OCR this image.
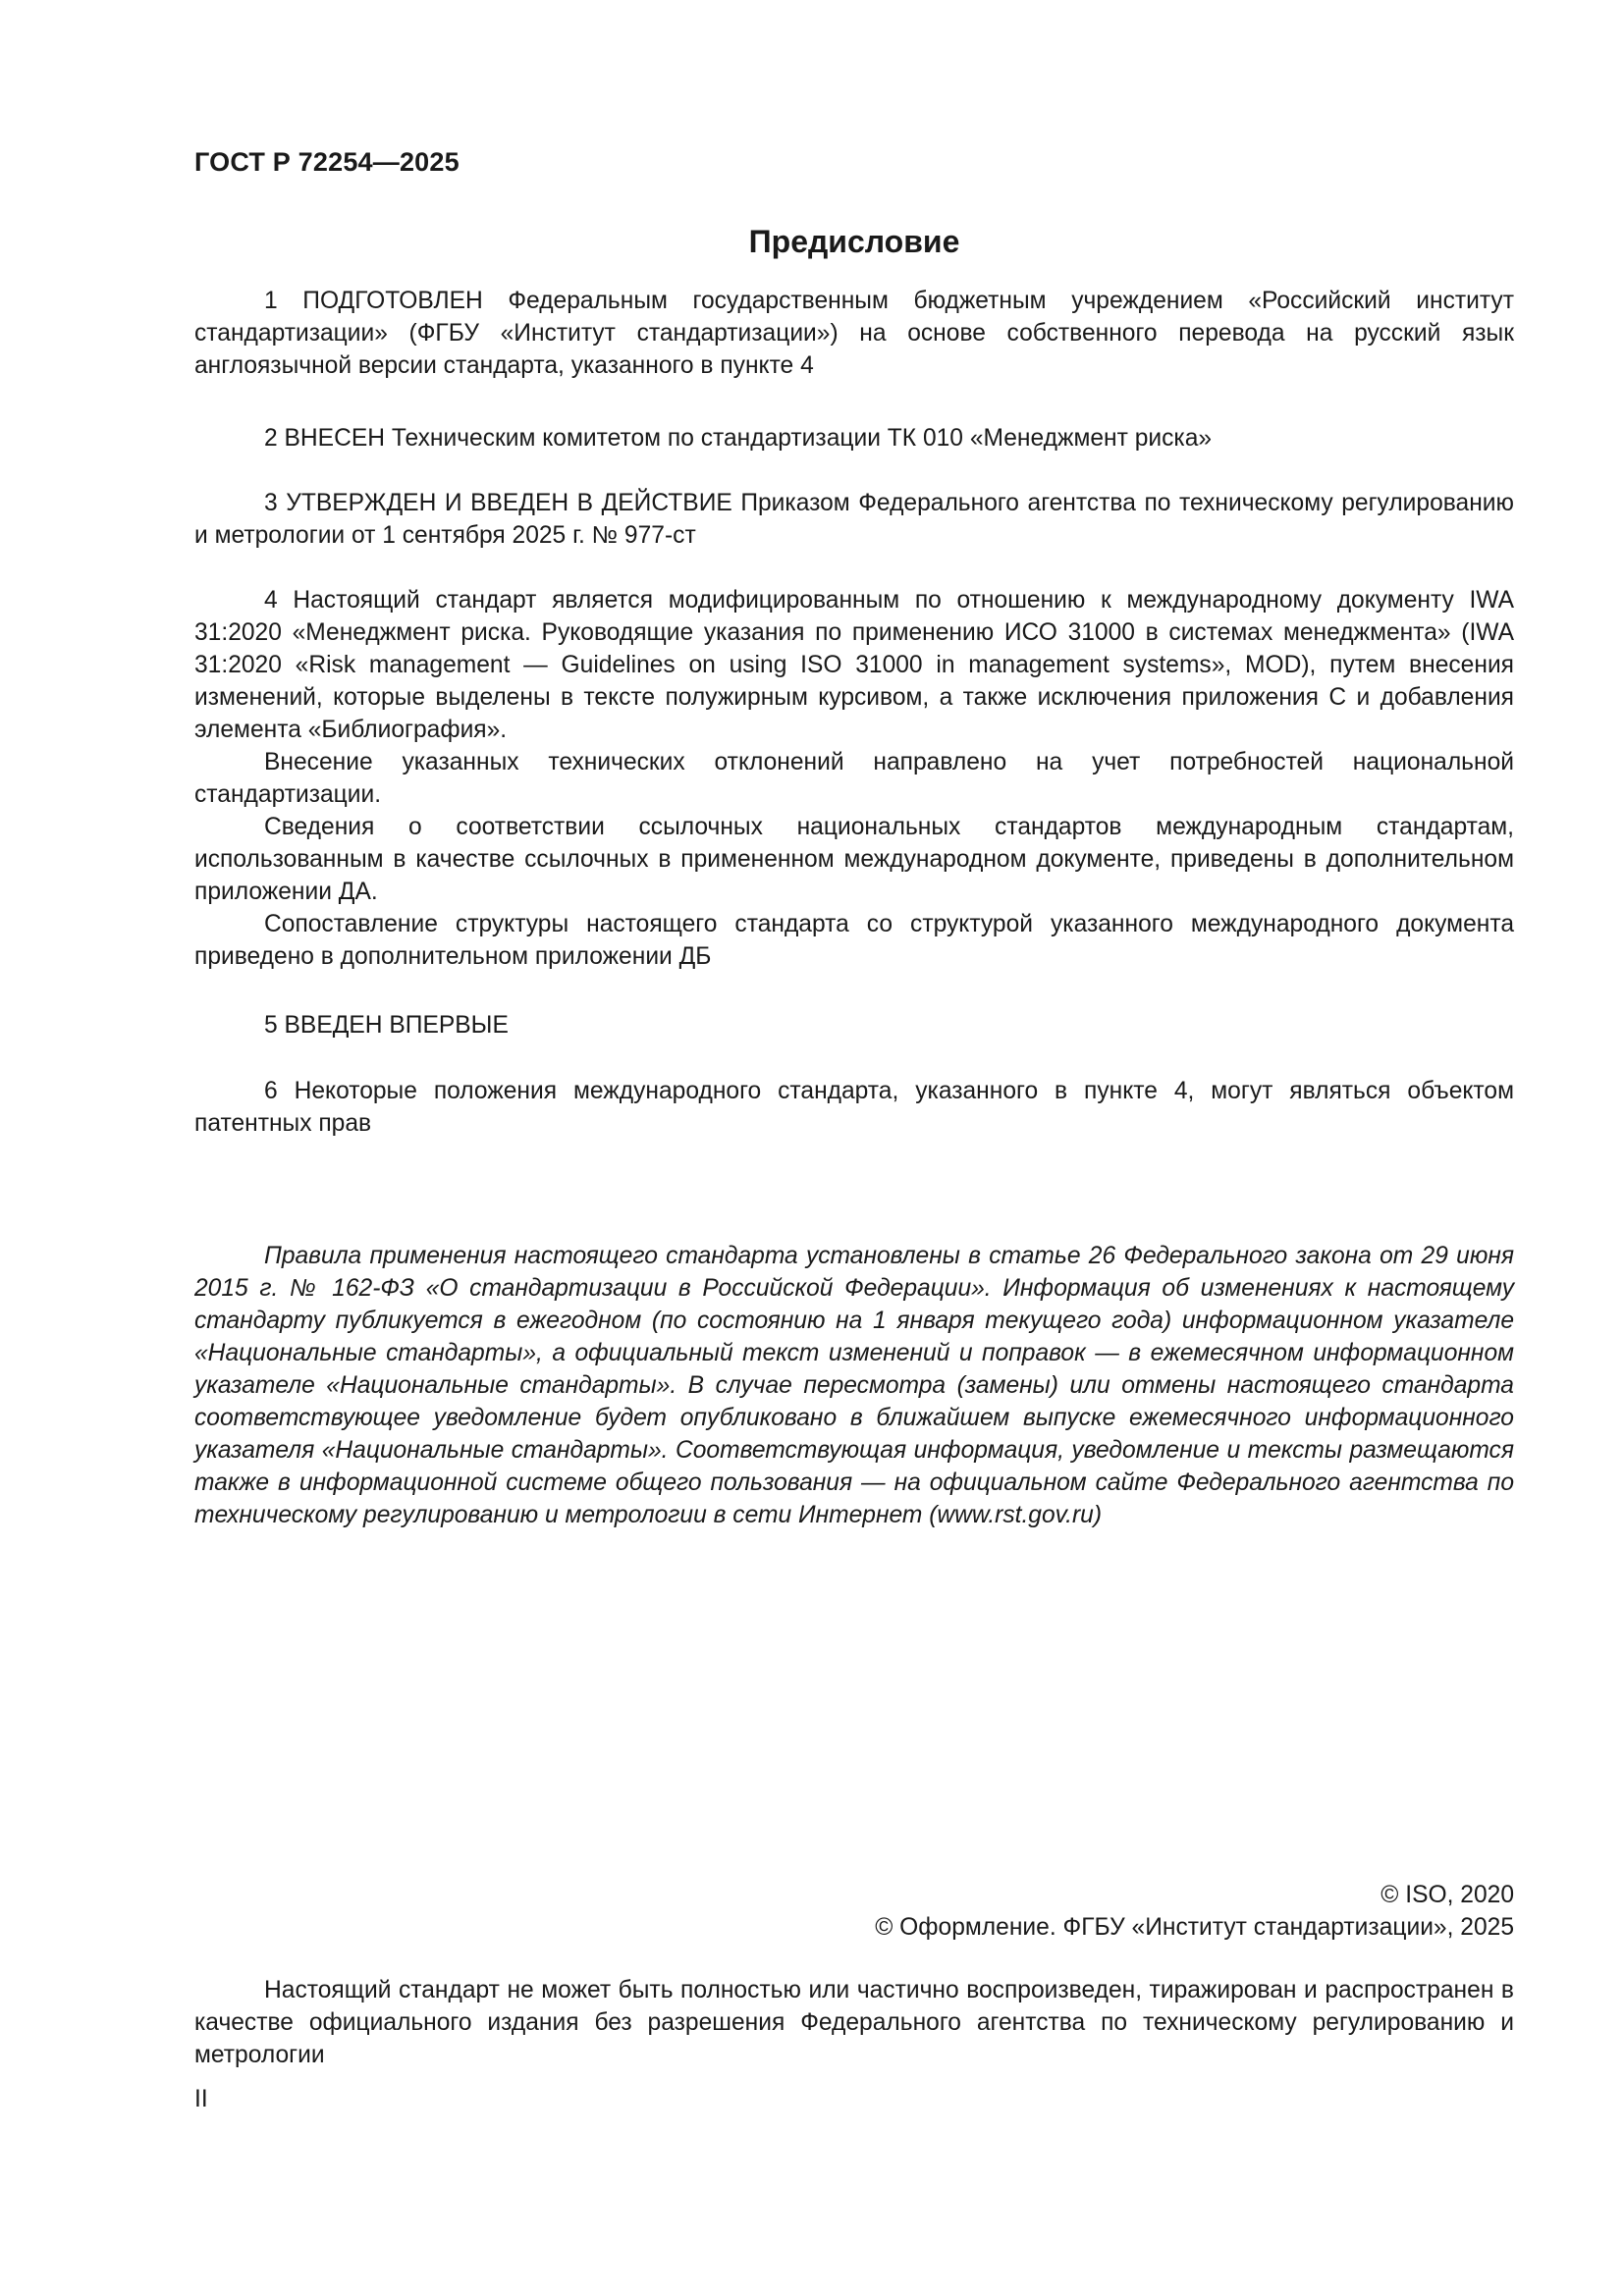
ГОСТ Р 72254—2025
Предисловие

1 ПОДГОТОВЛЕН Федеральным государственным бюджетным учреждением «Российский институт стандартизации» (ФГБУ «Институт стандартизации») на основе собственного перевода на русский язык англоязычной версии стандарта, указанного в пункте 4

2 ВНЕСЕН Техническим комитетом по стандартизации ТК 010 «Менеджмент риска»

3 УТВЕРЖДЕН И ВВЕДЕН В ДЕЙСТВИЕ Приказом Федерального агентства по техническому регулированию и метрологии от 1 сентября 2025 г. № 977-ст

4 Настоящий стандарт является модифицированным по отношению к международному документу IWA 31:2020 «Менеджмент риска. Руководящие указания по применению ИСО 31000 в системах менеджмента» (IWA 31:2020 «Risk management — Guidelines on using ISO 31000 in management systems», MOD), путем внесения изменений, которые выделены в тексте полужирным курсивом, а также исключения приложения С и добавления элемента «Библиография».

Внесение указанных технических отклонений направлено на учет потребностей национальной стандартизации.

Сведения о соответствии ссылочных национальных стандартов международным стандартам, использованным в качестве ссылочных в примененном международном документе, приведены в дополнительном приложении ДА.

Сопоставление структуры настоящего стандарта со структурой указанного международного документа приведено в дополнительном приложении ДБ

5 ВВЕДЕН ВПЕРВЫЕ

6 Некоторые положения международного стандарта, указанного в пункте 4, могут являться объектом патентных прав

Правила применения настоящего стандарта установлены в статье 26 Федерального закона от 29 июня 2015 г. № 162-ФЗ «О стандартизации в Российской Федерации». Информация об изменениях к настоящему стандарту публикуется в ежегодном (по состоянию на 1 января текущего года) информационном указателе «Национальные стандарты», а официальный текст изменений и поправок — в ежемесячном информационном указателе «Национальные стандарты». В случае пересмотра (замены) или отмены настоящего стандарта соответствующее уведомление будет опубликовано в ближайшем выпуске ежемесячного информационного указателя «Национальные стандарты». Соответствующая информация, уведомление и тексты размещаются также в информационной системе общего пользования — на официальном сайте Федерального агентства по техническому регулированию и метрологии в сети Интернет (www.rst.gov.ru)

© ISO, 2020
© Оформление. ФГБУ «Институт стандартизации», 2025

Настоящий стандарт не может быть полностью или частично воспроизведен, тиражирован и распространен в качестве официального издания без разрешения Федерального агентства по техническому регулированию и метрологии

II
